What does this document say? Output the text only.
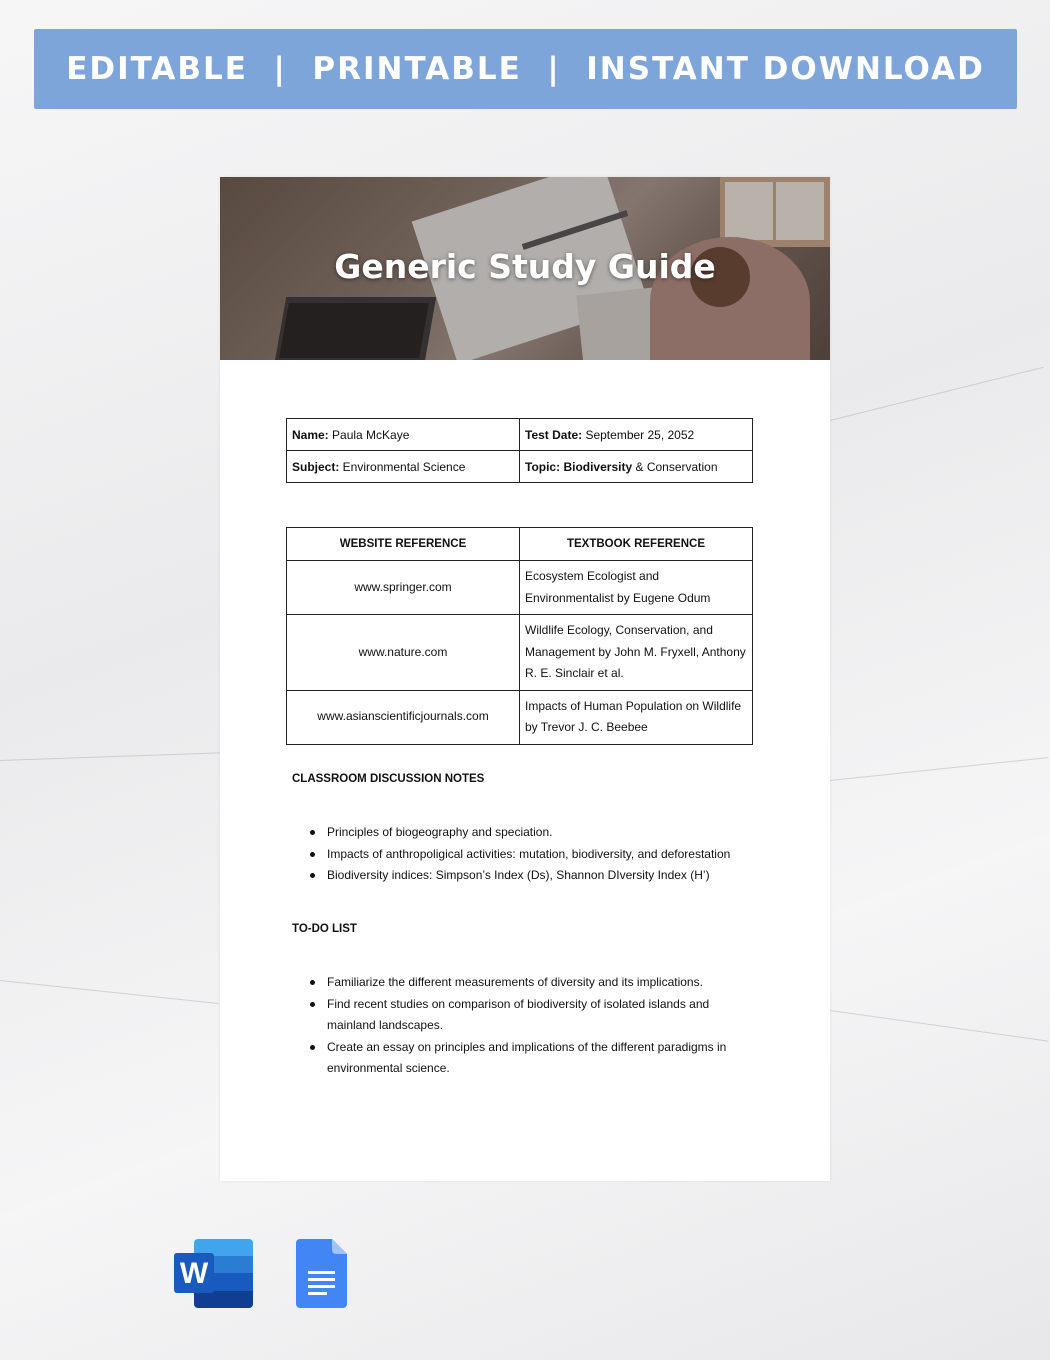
EDITABLE  |  PRINTABLE  |  INSTANT DOWNLOAD
Generic Study Guide
Name: Paula McKaye	Test Date: September 25, 2052
Subject: Environmental Science	Topic: Biodiversity & Conservation
WEBSITE REFERENCE	TEXTBOOK REFERENCE
www.springer.com	Ecosystem Ecologist and Environmentalist by Eugene Odum
www.nature.com	Wildlife Ecology, Conservation, and Management by John M. Fryxell, Anthony R. E. Sinclair et al.
www.asianscientificjournals.com	Impacts of Human Population on Wildlife by Trevor J. C. Beebee
CLASSROOM DISCUSSION NOTES
Principles of biogeography and speciation.
Impacts of anthropoligical activities: mutation, biodiversity, and deforestation
Biodiversity indices: Simpson’s Index (Ds), Shannon DIversity Index (H’)
TO-DO LIST
Familiarize the different measurements of diversity and its implications.
Find recent studies on comparison of biodiversity of isolated islands and mainland landscapes.
Create an essay on principles and implications of the different paradigms in environmental science.
W
